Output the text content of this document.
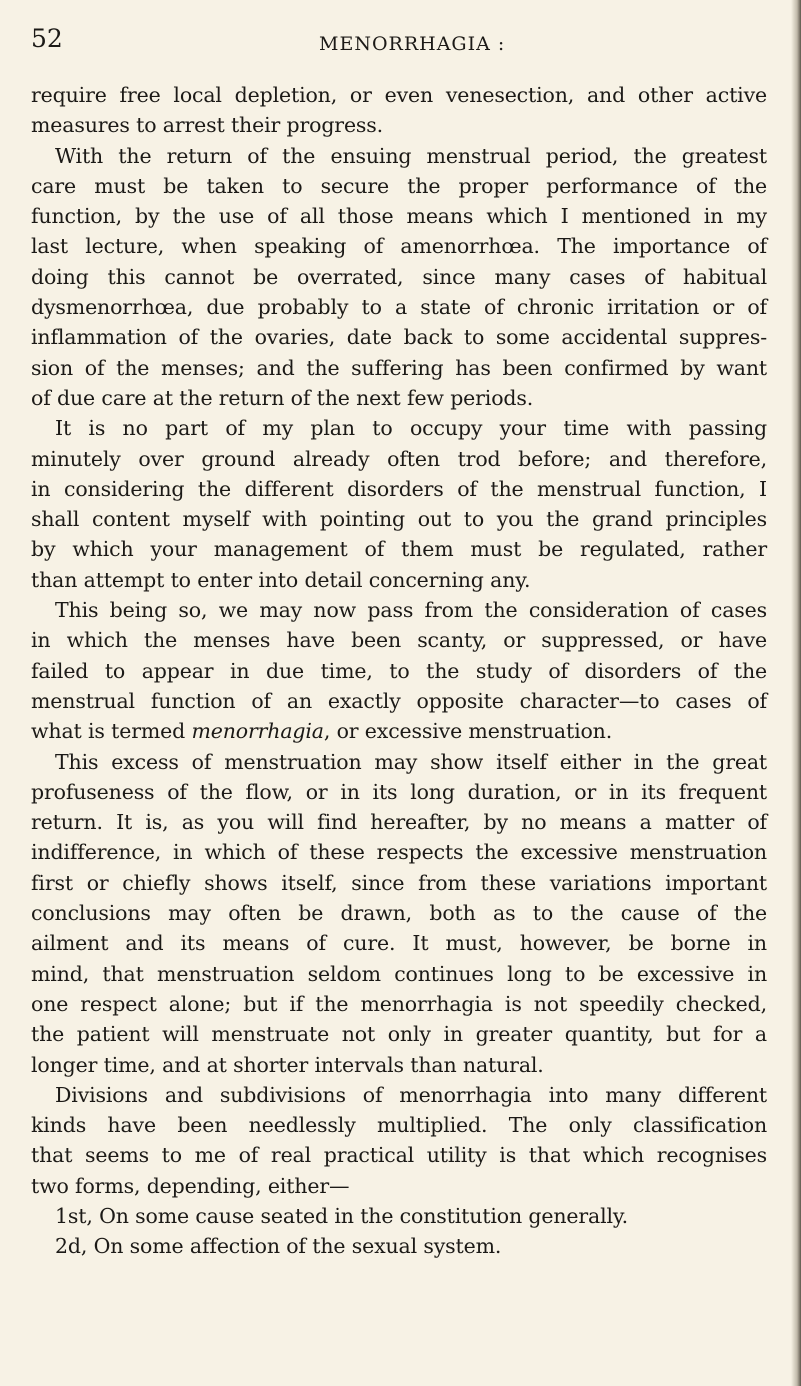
52	MENORRHAGIA :
require free local depletion, or even venesection, and other active
measures to arrest their progress.
With the return of the ensuing menstrual period, the greatest
care must be taken to secure the proper performance of the
function, by the use of all those means which I mentioned in my
last lecture, when speaking of amenorrhœa. The importance of
doing this cannot be overrated, since many cases of habitual
dysmenorrhœa, due probably to a state of chronic irritation or of
inflammation of the ovaries, date back to some accidental suppres-
sion of the menses; and the suffering has been confirmed by want
of due care at the return of the next few periods.
It is no part of my plan to occupy your time with passing
minutely over ground already often trod before; and therefore,
in considering the different disorders of the menstrual function, I
shall content myself with pointing out to you the grand principles
by which your management of them must be regulated, rather
than attempt to enter into detail concerning any.
This being so, we may now pass from the consideration of cases
in which the menses have been scanty, or suppressed, or have
failed to appear in due time, to the study of disorders of the
menstrual function of an exactly opposite character—to cases of
what is termed menorrhagia, or excessive menstruation.
This excess of menstruation may show itself either in the great
profuseness of the flow, or in its long duration, or in its frequent
return. It is, as you will find hereafter, by no means a matter of
indifference, in which of these respects the excessive menstruation
first or chiefly shows itself, since from these variations important
conclusions may often be drawn, both as to the cause of the
ailment and its means of cure. It must, however, be borne in
mind, that menstruation seldom continues long to be excessive in
one respect alone; but if the menorrhagia is not speedily checked,
the patient will menstruate not only in greater quantity, but for a
longer time, and at shorter intervals than natural.
Divisions and subdivisions of menorrhagia into many different
kinds have been needlessly multiplied. The only classification
that seems to me of real practical utility is that which recognises
two forms, depending, either—
1st, On some cause seated in the constitution generally.
2d, On some affection of the sexual system.
